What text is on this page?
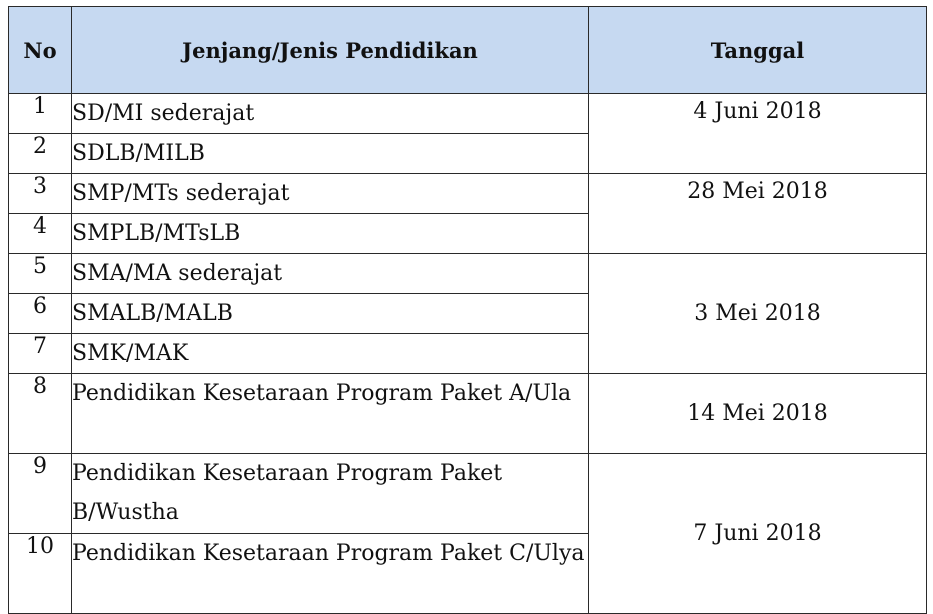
No	Jenjang/Jenis Pendidikan	Tanggal
1	SD/MI sederajat	4 Juni 2018
2	SDLB/MILB	
3	SMP/MTs sederajat	28 Mei 2018
4	SMPLB/MTsLB	
5	SMA/MA sederajat	3 Mei 2018
6	SMALB/MALB	
7	SMK/MAK	
8	Pendidikan Kesetaraan Program Paket A/Ula	14 Mei 2018
9	Pendidikan Kesetaraan Program Paket B/Wustha	7 Juni 2018
10	Pendidikan Kesetaraan Program Paket C/Ulya	
